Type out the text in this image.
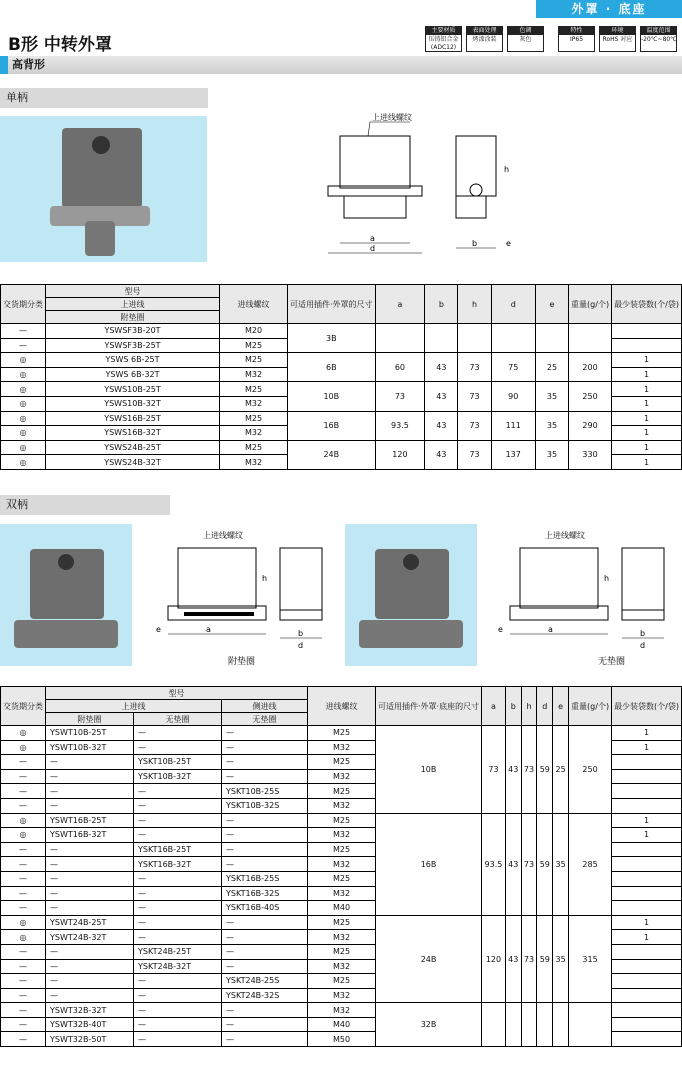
外罩 · 底座
B形 中转外罩
主要材质
压铸铝合金(ADC12)
表面处理
烤漆涂装
色调
灰色
特性
IP65
环境
RoHS 对应
温度范围
-20℃~80℃
高背形
单柄
上进线螺纹
a
d
b
h
e
交货期分类	型号	进线螺纹	可适用插件·外罩的尺寸	a	b	h	d	e	重量(g/个)	最少装袋数(个/袋)
	上进线									
	附垫圈									
—	YSWSF3B-20T	M20	3B							
—	YSWSF3B-25T	M25								
◎	YSWS 6B-25T	M25	6B	60	43	73	75	25	200	1
◎	YSWS 6B-32T	M32								1
◎	YSWS10B-25T	M25	10B	73	43	73	90	35	250	1
◎	YSWS10B-32T	M32								1
◎	YSWS16B-25T	M25	16B	93.5	43	73	111	35	290	1
◎	YSWS16B-32T	M32								1
◎	YSWS24B-25T	M25	24B	120	43	73	137	35	330	1
◎	YSWS24B-32T	M32								1
双柄
上进线螺纹
a	b
d
e
h
附垫圈
上进线螺纹
a	b
d
e
h
无垫圈
交货期分类	型号			进线螺纹	可适用插件·外罩·底座的尺寸	a	b	h	d	e	重量(g/个)	最少装袋数(个/袋)
	上进线		侧进线									
	附垫圈	无垫圈	无垫圈									
◎	YSWT10B-25T	—	—	M25	10B	73	43	73	59	25	250	1
◎	YSWT10B-32T	—	—	M32								1
—	—	YSKT10B-25T	—	M25								
—	—	YSKT10B-32T	—	M32								
—	—	—	YSKT10B-25S	M25								
—	—	—	YSKT10B-32S	M32								
◎	YSWT16B-25T	—	—	M25	16B	93.5	43	73	59	35	285	1
◎	YSWT16B-32T	—	—	M32								1
—	—	YSKT16B-25T	—	M25								
—	—	YSKT16B-32T	—	M32								
—	—	—	YSKT16B-25S	M25								
—	—	—	YSKT16B-32S	M32								
—	—	—	YSKT16B-40S	M40								
◎	YSWT24B-25T	—	—	M25	24B	120	43	73	59	35	315	1
◎	YSWT24B-32T	—	—	M32								1
—	—	YSKT24B-25T	—	M25								
—	—	YSKT24B-32T	—	M32								
—	—	—	YSKT24B-25S	M25								
—	—	—	YSKT24B-32S	M32								
—	YSWT32B-32T	—	—	M32	32B							
—	YSWT32B-40T	—	—	M40								
—	YSWT32B-50T	—	—	M50								
